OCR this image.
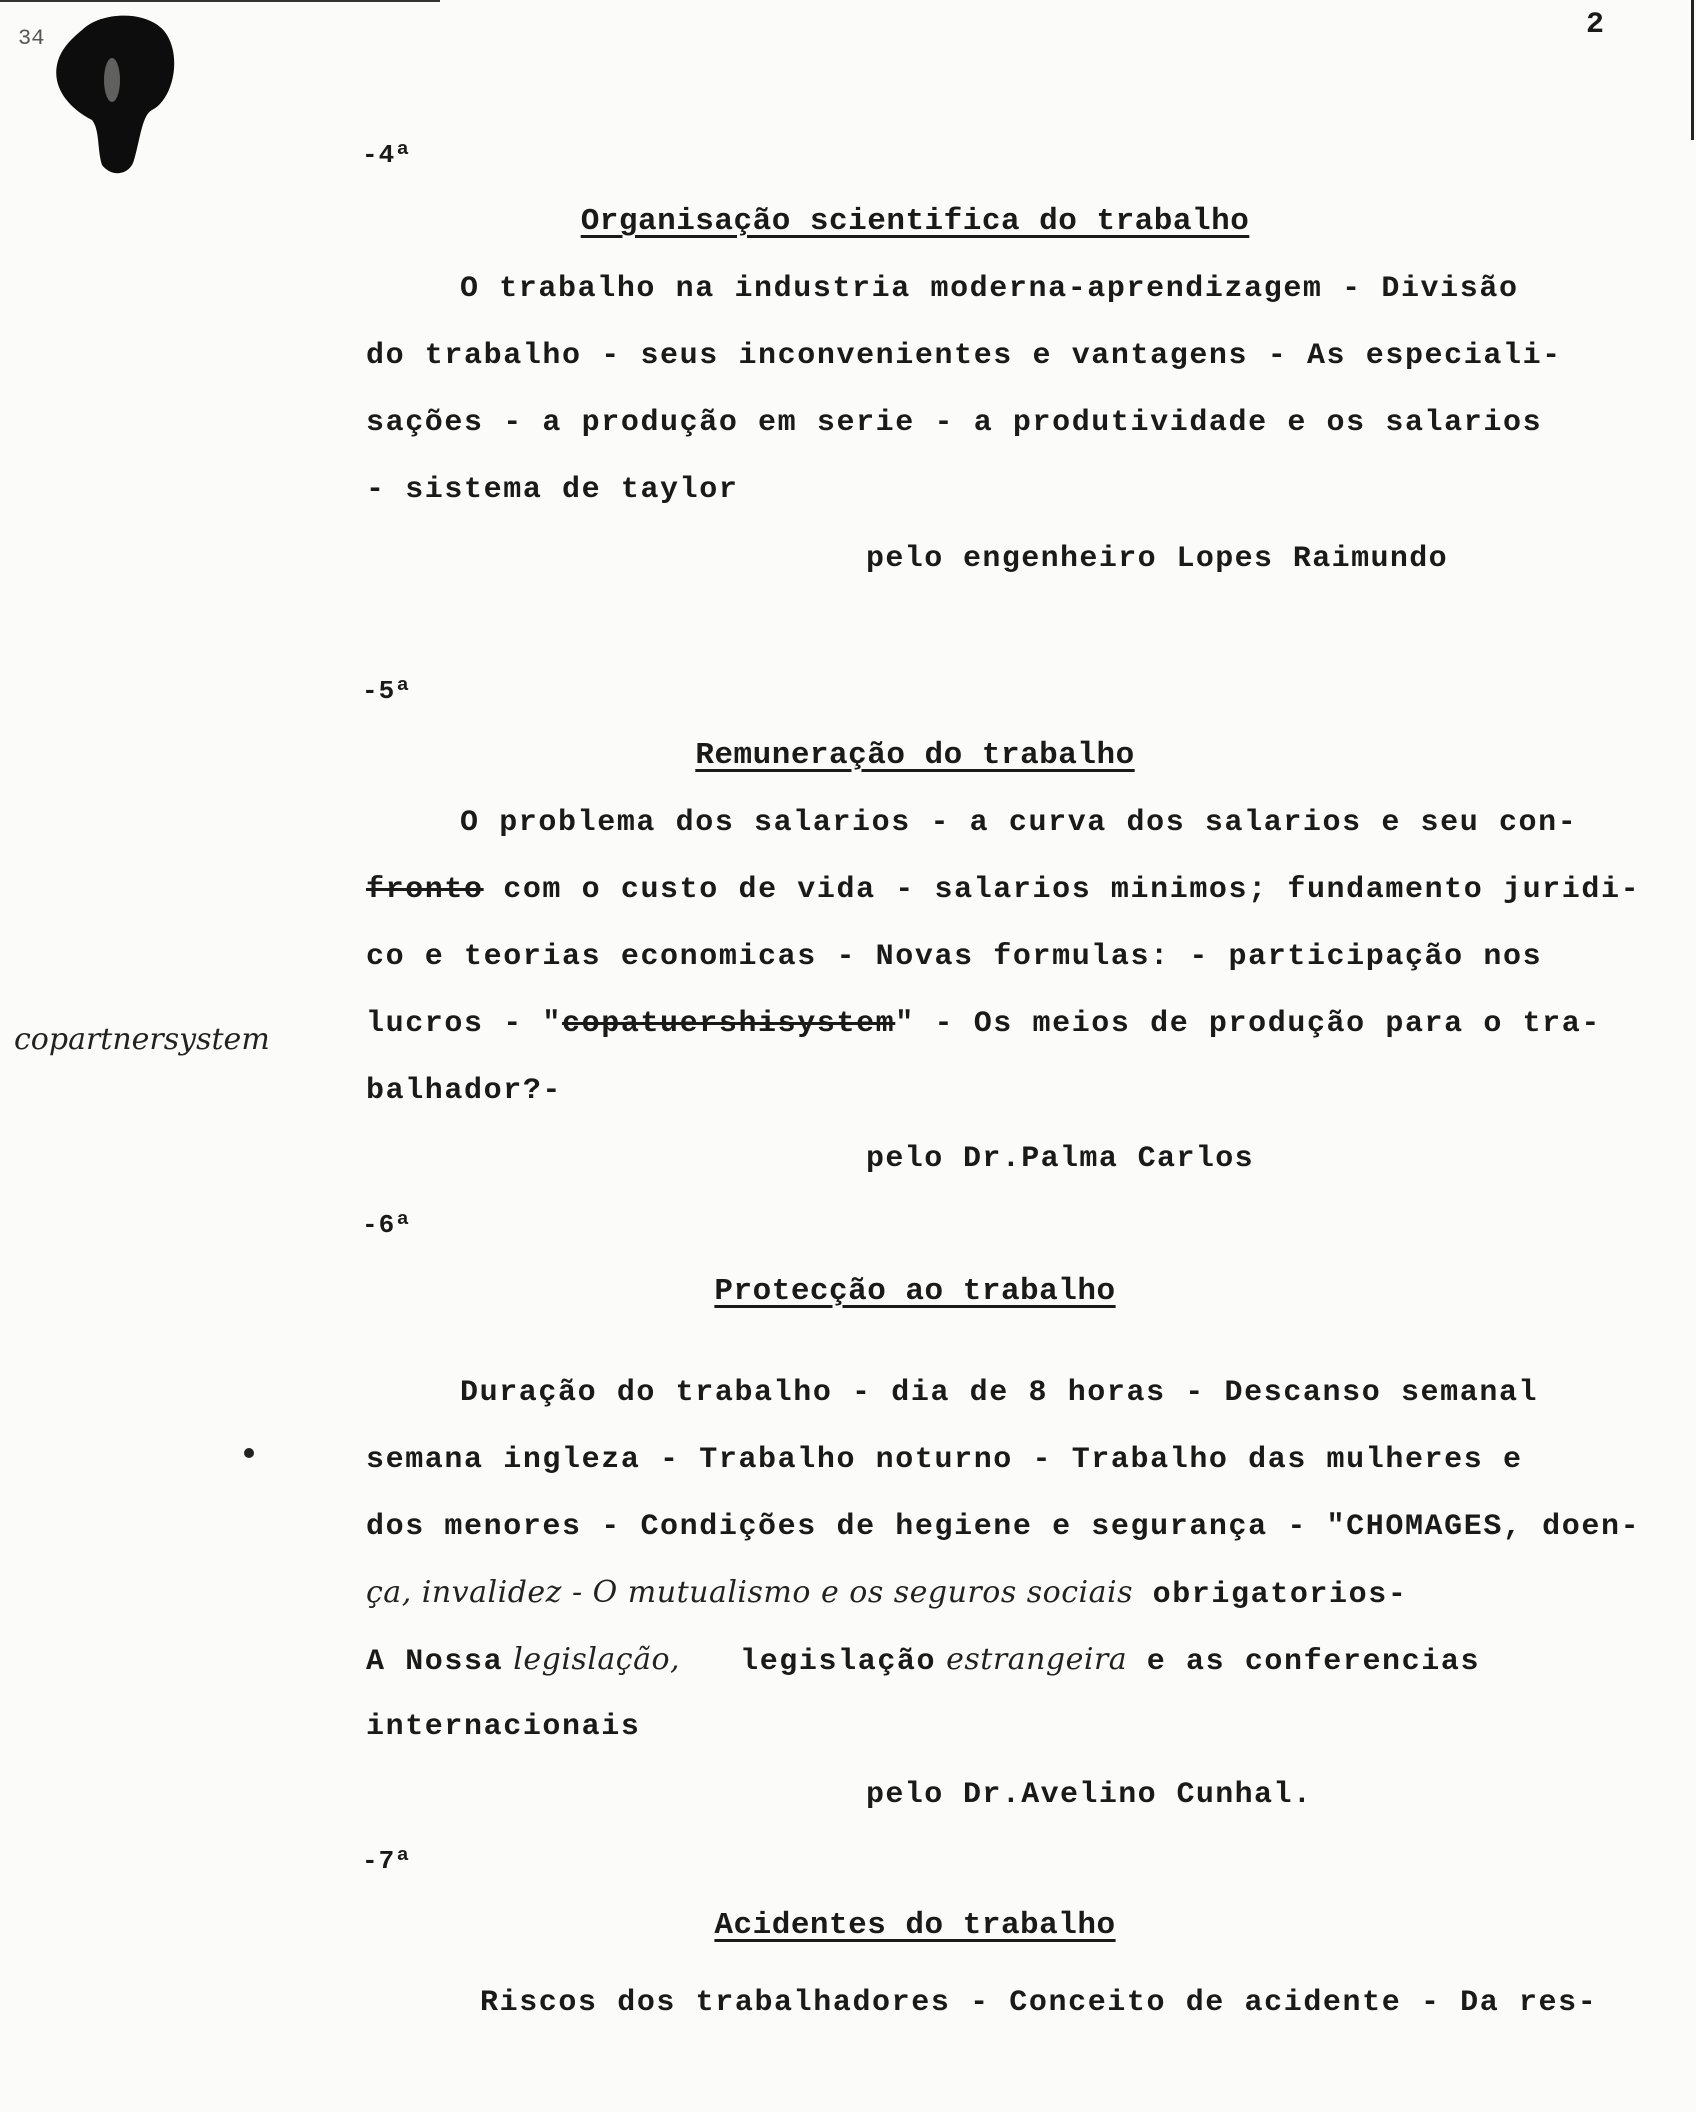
34	2
-4ª
Organisação scientifica do trabalho
O trabalho na industria moderna-aprendizagem - Divisão
do trabalho - seus inconvenientes e vantagens - As especiali-
sações - a produção em serie - a produtividade e os salarios
- sistema de taylor
pelo engenheiro Lopes Raimundo
-5ª
Remuneração do trabalho
O problema dos salarios - a curva dos salarios e seu con-
fronto com o custo de vida - salarios minimos; fundamento juridi-
co e teorias economicas - Novas formulas: - participação nos
copartnersystem	lucros - "copatuershisystem" - Os meios de produção para o tra-
balhador?-
pelo Dr.Palma Carlos
-6ª
Protecção ao trabalho
Duração do trabalho - dia de 8 horas - Descanso semanal
semana ingleza - Trabalho noturno - Trabalho das mulheres e
dos menores - Condições de hegiene e segurança - "CHOMAGES, doen-
ça, invalidez - O mutualismo e os seguros sociais obrigatorios-
A Nossa legislação, legislação estrangeira e as conferencias
internacionais
pelo Dr.Avelino Cunhal.
-7ª
Acidentes do trabalho
Riscos dos trabalhadores - Conceito de acidente - Da res-
